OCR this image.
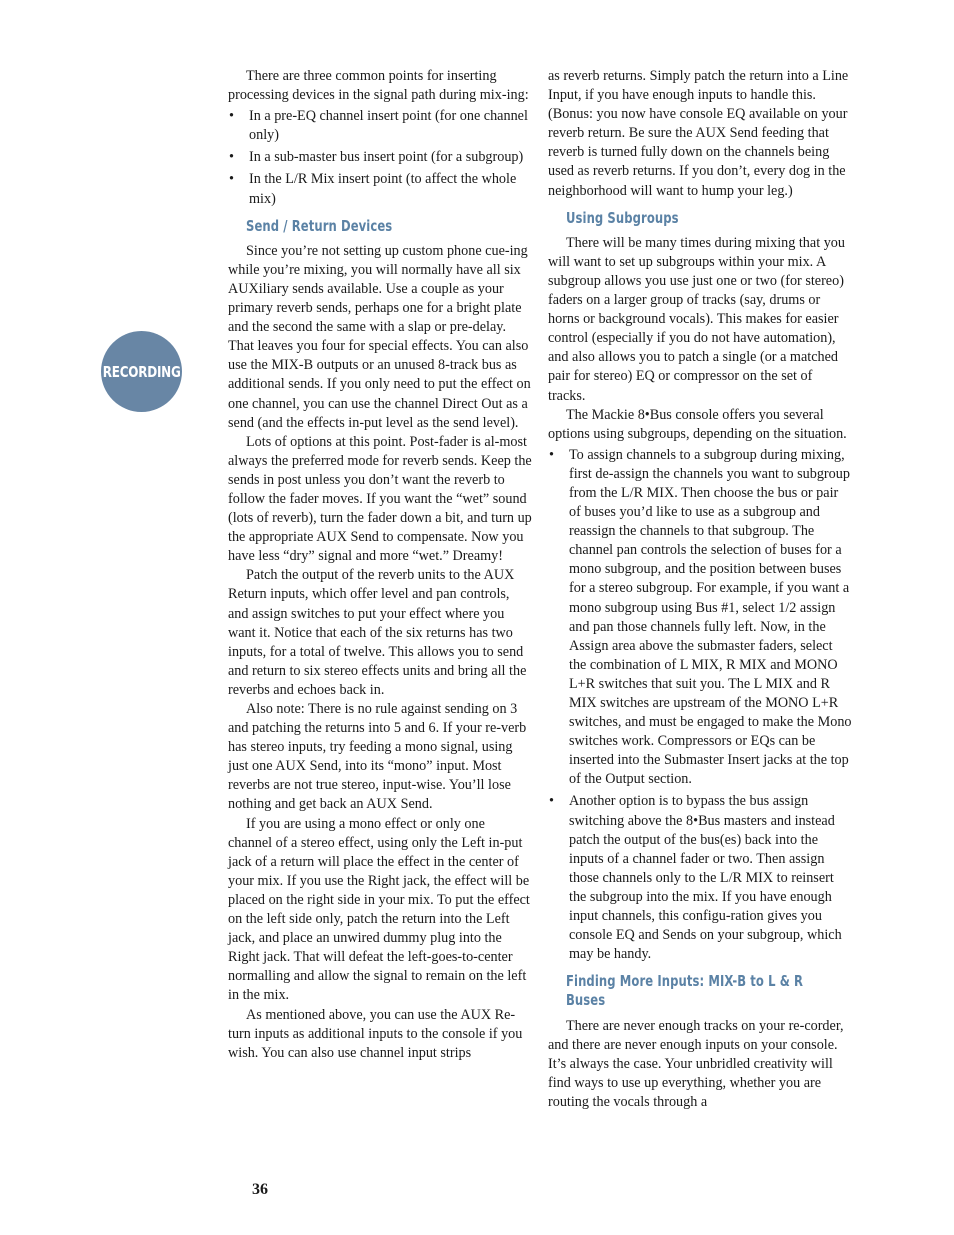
RECORDING

There are three common points for inserting processing devices in the signal path during mix-ing:

• In a pre-EQ channel insert point (for one channel only)
• In a sub-master bus insert point (for a subgroup)
• In the L/R Mix insert point (to affect the whole mix)
Send / Return Devices

Since you’re not setting up custom phone cue-ing while you’re mixing, you will normally have all six AUXiliary sends available. Use a couple as your primary reverb sends, perhaps one for a bright plate and the second the same with a slap or pre-delay. That leaves you four for special effects. You can also use the MIX-B outputs or an unused 8-track bus as additional sends. If you only need to put the effect on one channel, you can use the channel Direct Out as a send (and the effects in-put level as the send level).

Lots of options at this point. Post-fader is al-most always the preferred mode for reverb sends. Keep the sends in post unless you don’t want the reverb to follow the fader moves. If you want the “wet” sound (lots of reverb), turn the fader down a bit, and turn up the appropriate AUX Send to compensate. Now you have less “dry” signal and more “wet.” Dreamy!

Patch the output of the reverb units to the AUX Return inputs, which offer level and pan controls, and assign switches to put your effect where you want it. Notice that each of the six returns has two inputs, for a total of twelve. This allows you to send and return to six stereo effects units and bring all the reverbs and echoes back in.

Also note: There is no rule against sending on 3 and patching the returns into 5 and 6. If your re-verb has stereo inputs, try feeding a mono signal, using just one AUX Send, into its “mono” input. Most reverbs are not true stereo, input-wise. You’ll lose nothing and get back an AUX Send.

If you are using a mono effect or only one channel of a stereo effect, using only the Left in-put jack of a return will place the effect in the center of your mix. If you use the Right jack, the effect will be placed on the right side in your mix. To put the effect on the left side only, patch the return into the Left jack, and place an unwired dummy plug into the Right jack. That will defeat the left-goes-to-center normalling and allow the signal to remain on the left in the mix.

As mentioned above, you can use the AUX Re-turn inputs as additional inputs to the console if you wish. You can also use channel input strips

as reverb returns. Simply patch the return into a Line Input, if you have enough inputs to handle this. (Bonus: you now have console EQ available on your reverb return. Be sure the AUX Send feeding that reverb is turned fully down on the channels being used as reverb returns. If you don’t, every dog in the neighborhood will want to hump your leg.)

Using Subgroups

There will be many times during mixing that you will want to set up subgroups within your mix. A subgroup allows you use just one or two (for stereo) faders on a larger group of tracks (say, drums or horns or background vocals). This makes for easier control (especially if you do not have automation), and also allows you to patch a single (or a matched pair for stereo) EQ or compressor on the set of tracks.

The Mackie 8•Bus console offers you several options using subgroups, depending on the situation.

• To assign channels to a subgroup during mixing, first de-assign the channels you want to subgroup from the L/R MIX. Then choose the bus or pair of buses you’d like to use as a subgroup and reassign the channels to that subgroup. The channel pan controls the selection of buses for a mono subgroup, and the position between buses for a stereo subgroup. For example, if you want a mono subgroup using Bus #1, select 1/2 assign and pan those channels fully left. Now, in the Assign area above the submaster faders, select the combination of L MIX, R MIX and MONO L+R switches that suit you. The L MIX and R MIX switches are upstream of the MONO L+R switches, and must be engaged to make the Mono switches work. Compressors or EQs can be inserted into the Submaster Insert jacks at the top of the Output section.
• Another option is to bypass the bus assign switching above the 8•Bus masters and instead patch the output of the bus(es) back into the inputs of a channel fader or two. Then assign those channels only to the L/R MIX to reinsert the subgroup into the mix. If you have enough input channels, this configu-ration gives you console EQ and Sends on your subgroup, which may be handy.
Finding More Inputs: MIX-B to L & R Buses

There are never enough tracks on your re-corder, and there are never enough inputs on your console. It’s always the case. Your unbridled creativity will find ways to use up everything, whether you are routing the vocals through a

36
